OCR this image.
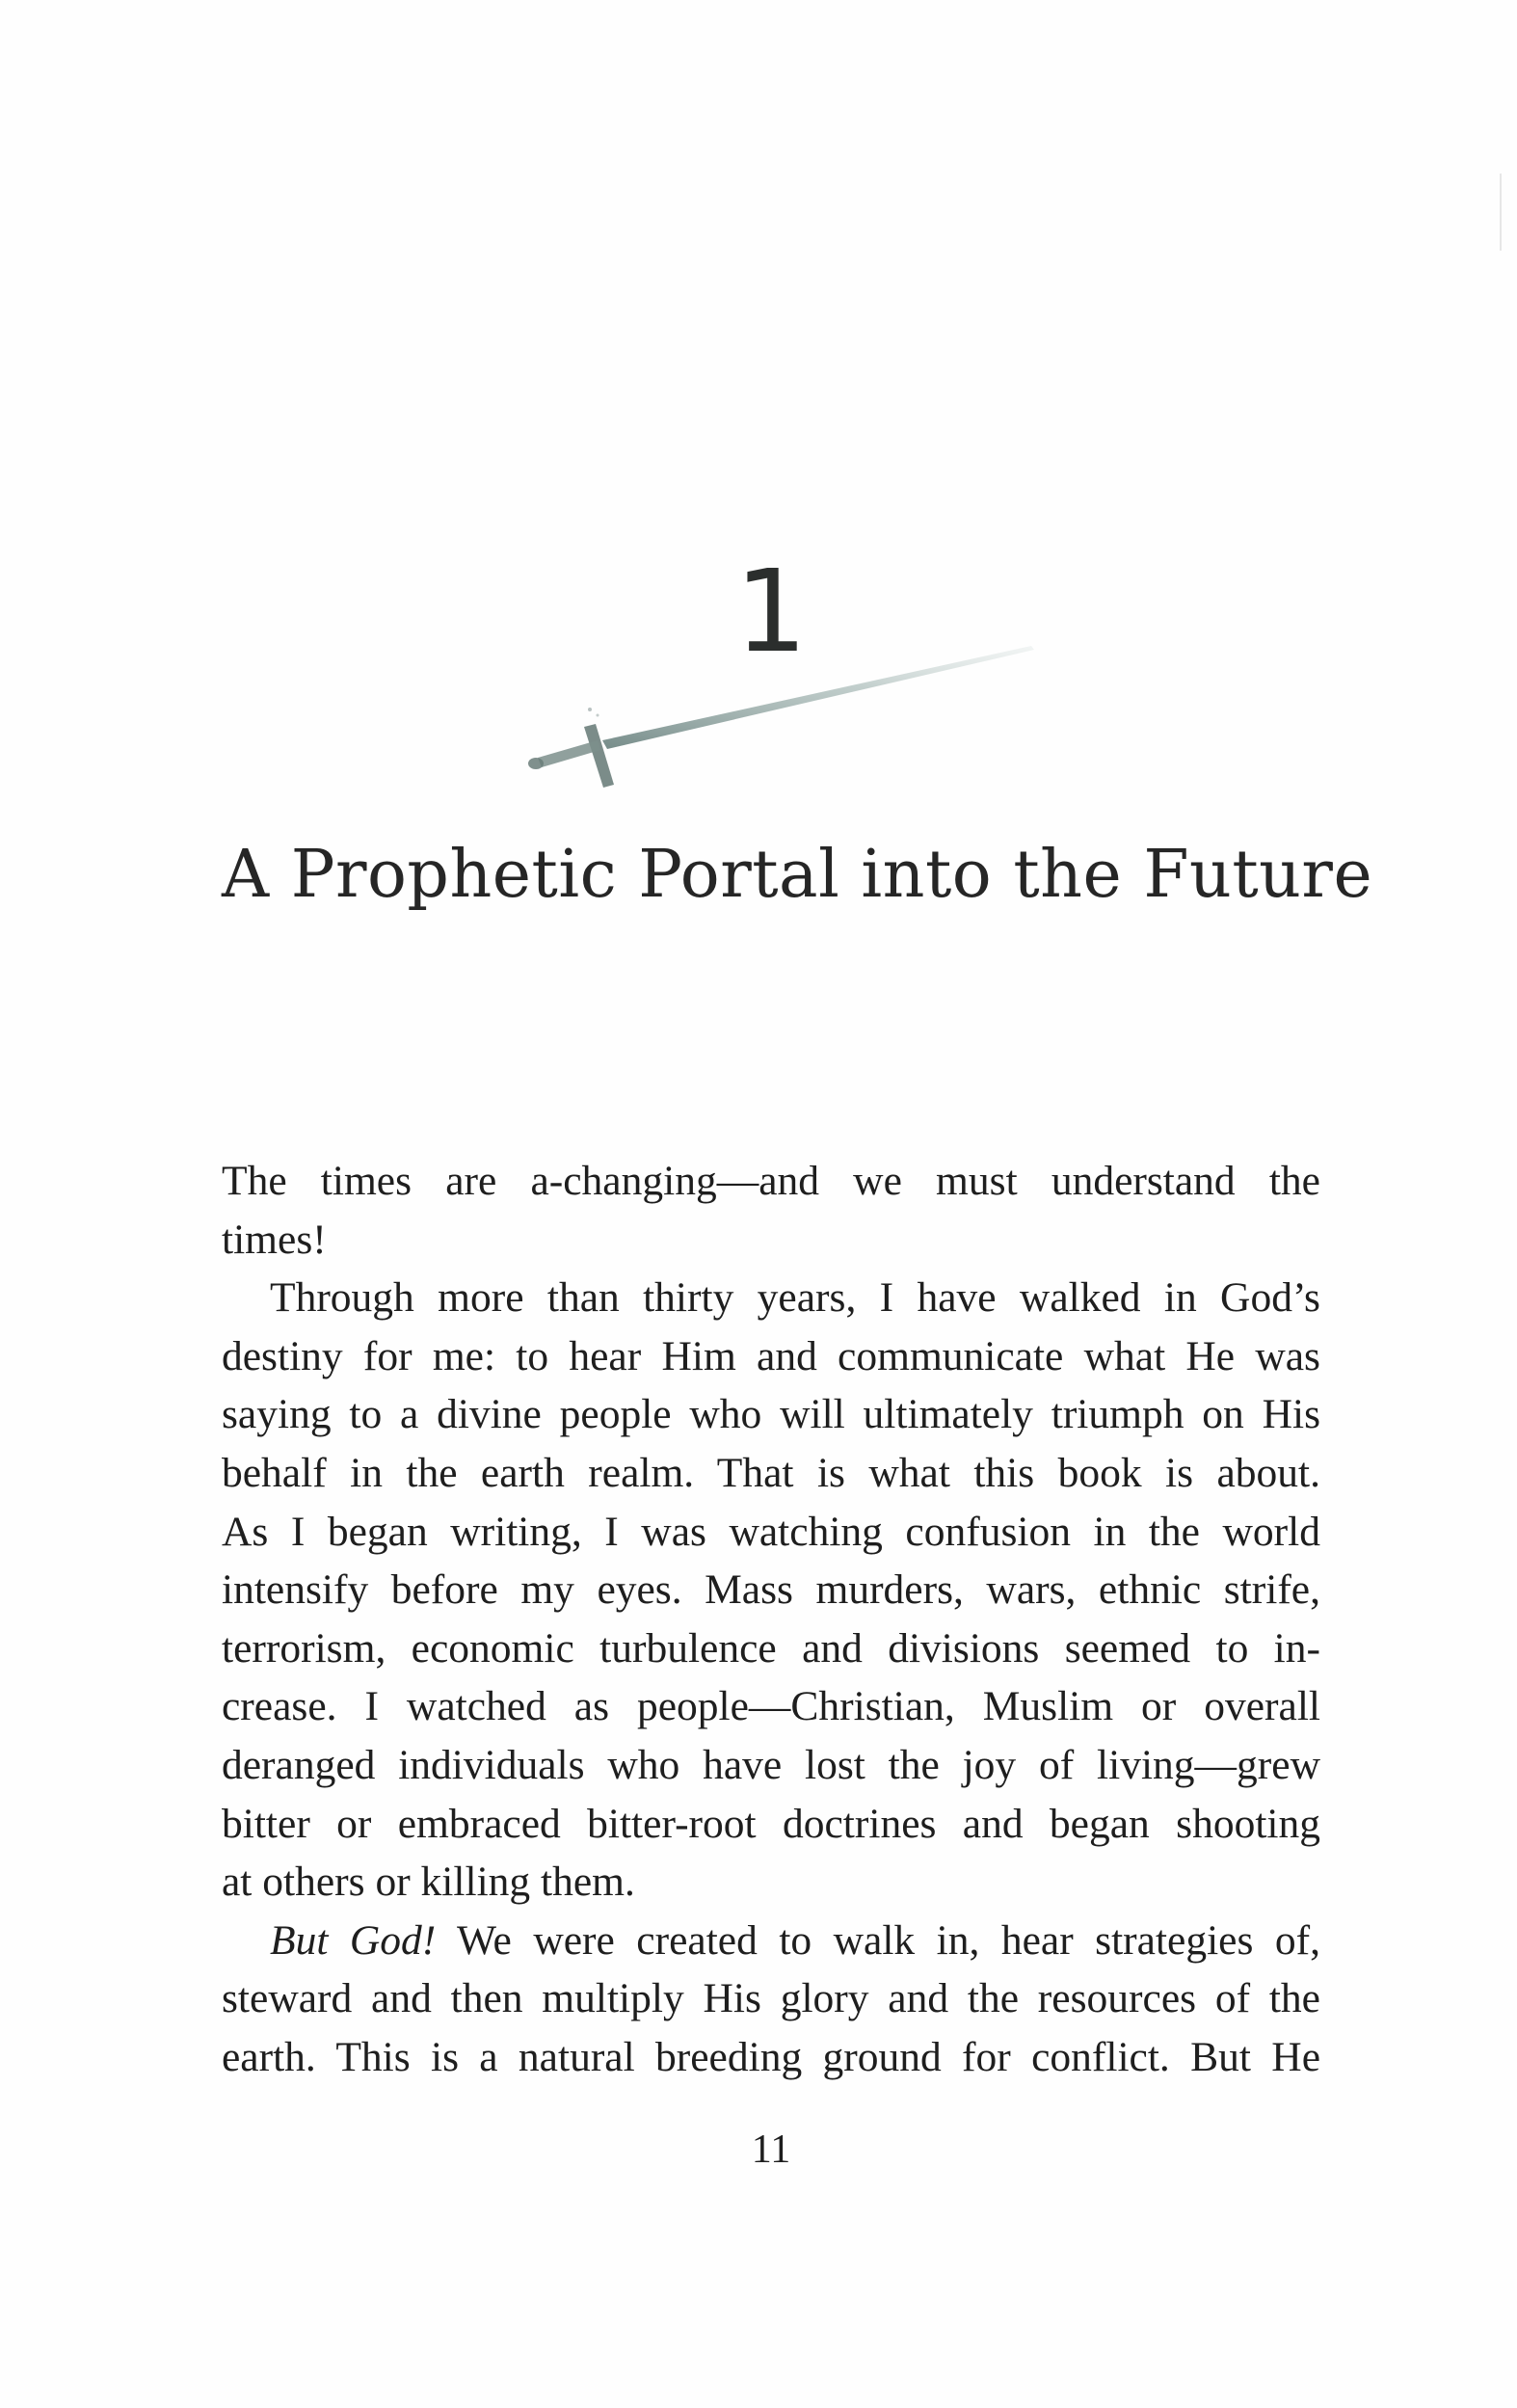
1
A Prophetic Portal into the Future
The times are a-changing—and we must understand the
times!
Through more than thirty years, I have walked in God’s
destiny for me: to hear Him and communicate what He was
saying to a divine people who will ultimately triumph on His
behalf in the earth realm. That is what this book is about.
As I began writing, I was watching confusion in the world
intensify before my eyes. Mass murders, wars, ethnic strife,
terrorism, economic turbulence and divisions seemed to in-
crease. I watched as people—Christian, Muslim or overall
deranged individuals who have lost the joy of living—grew
bitter or embraced bitter-root doctrines and began shooting
at others or killing them.
But God! We were created to walk in, hear strategies of,
steward and then multiply His glory and the resources of the
earth. This is a natural breeding ground for conflict. But He
11
